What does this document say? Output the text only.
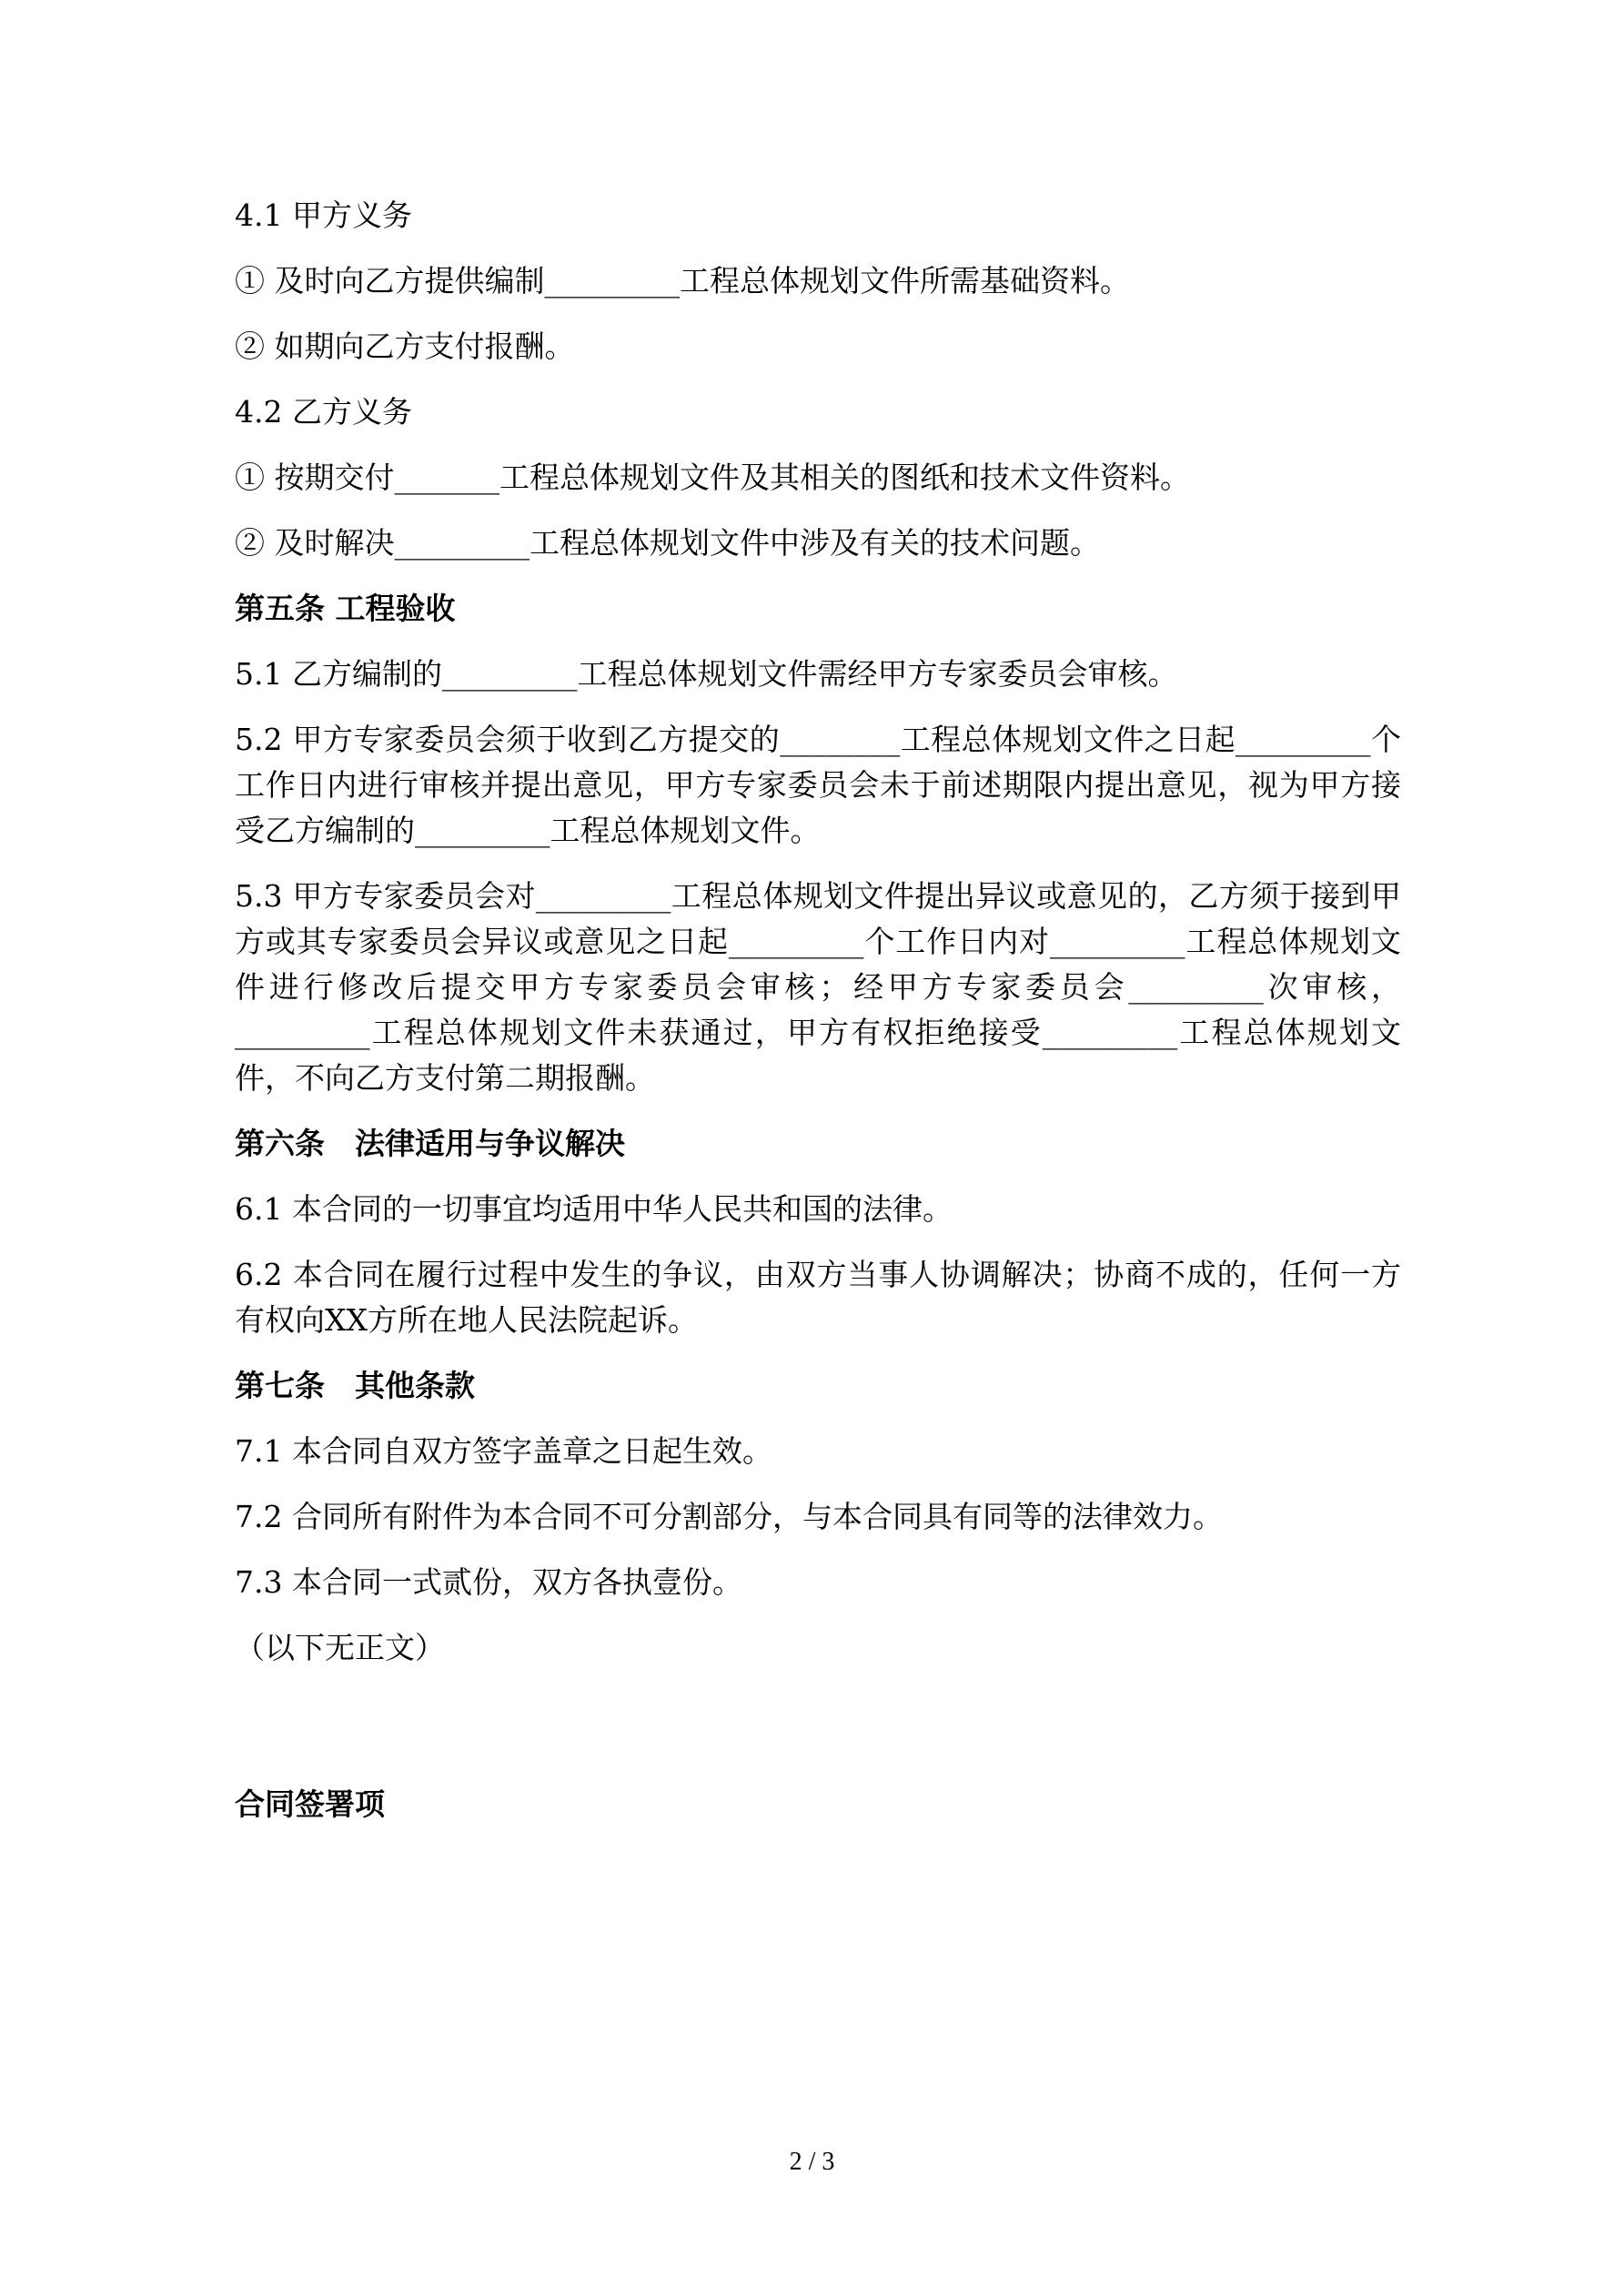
4.1 甲方义务

① 及时向乙方提供编制_________工程总体规划文件所需基础资料。

② 如期向乙方支付报酬。

4.2 乙方义务

① 按期交付_______工程总体规划文件及其相关的图纸和技术文件资料。

② 及时解决_________工程总体规划文件中涉及有关的技术问题。

第五条 工程验收

5.1 乙方编制的_________工程总体规划文件需经甲方专家委员会审核。

5.2 甲方专家委员会须于收到乙方提交的________工程总体规划文件之日起_________个工作日内进行审核并提出意见，甲方专家委员会未于前述期限内提出意见，视为甲方接受乙方编制的_________工程总体规划文件。

5.3 甲方专家委员会对_________工程总体规划文件提出异议或意见的，乙方须于接到甲方或其专家委员会异议或意见之日起_________个工作日内对_________工程总体规划文件进行修改后提交甲方专家委员会审核；经甲方专家委员会_________次审核，_________工程总体规划文件未获通过，甲方有权拒绝接受_________工程总体规划文件，不向乙方支付第二期报酬。

第六条　法律适用与争议解决

6.1 本合同的一切事宜均适用中华人民共和国的法律。

6.2 本合同在履行过程中发生的争议，由双方当事人协调解决；协商不成的，任何一方有权向XX方所在地人民法院起诉。

第七条　其他条款

7.1 本合同自双方签字盖章之日起生效。

7.2 合同所有附件为本合同不可分割部分，与本合同具有同等的法律效力。

7.3 本合同一式贰份，双方各执壹份。

（以下无正文）

合同签署项

2 / 3
